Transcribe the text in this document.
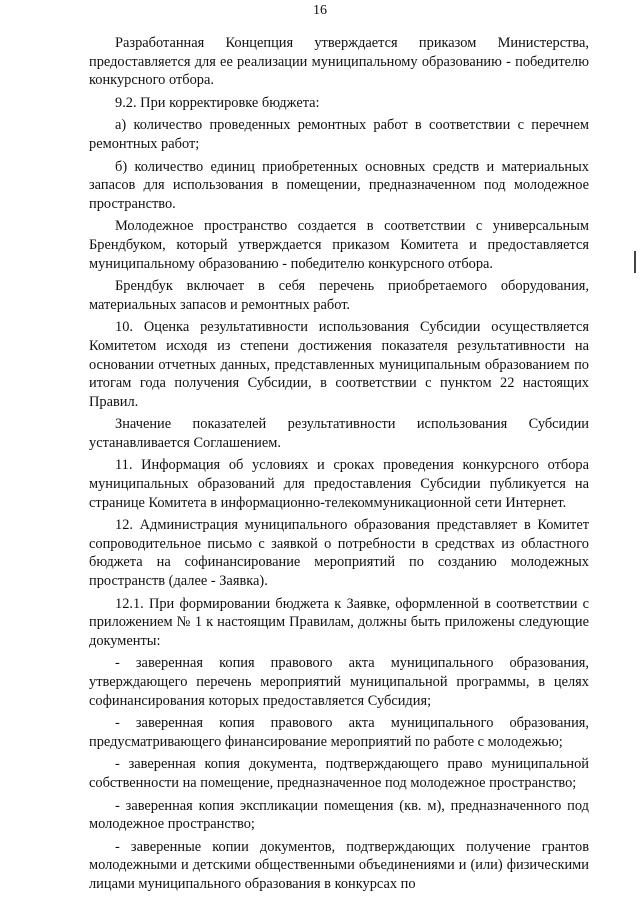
16

Разработанная Концепция утверждается приказом Министерства, предоставляется для ее реализации муниципальному образованию - победителю конкурсного отбора.

9.2. При корректировке бюджета:

а) количество проведенных ремонтных работ в соответствии с перечнем ремонтных работ;

б) количество единиц приобретенных основных средств и материальных запасов для использования в помещении, предназначенном под молодежное пространство.

Молодежное пространство создается в соответствии с универсальным Брендбуком, который утверждается приказом Комитета и предоставляется муниципальному образованию - победителю конкурсного отбора.

Брендбук включает в себя перечень приобретаемого оборудования, материальных запасов и ремонтных работ.

10. Оценка результативности использования Субсидии осуществляется Комитетом исходя из степени достижения показателя результативности на основании отчетных данных, представленных муниципальным образованием по итогам года получения Субсидии, в соответствии с пунктом 22 настоящих Правил.

Значение показателей результативности использования Субсидии устанавливается Соглашением.

11. Информация об условиях и сроках проведения конкурсного отбора муниципальных образований для предоставления Субсидии публикуется на странице Комитета в информационно-телекоммуникационной сети Интернет.

12. Администрация муниципального образования представляет в Комитет сопроводительное письмо с заявкой о потребности в средствах из областного бюджета на софинансирование мероприятий по созданию молодежных пространств (далее - Заявка).

12.1. При формировании бюджета к Заявке, оформленной в соответствии с приложением № 1 к настоящим Правилам, должны быть приложены следующие документы:

- заверенная копия правового акта муниципального образования, утверждающего перечень мероприятий муниципальной программы, в целях софинансирования которых предоставляется Субсидия;

- заверенная копия правового акта муниципального образования, предусматривающего финансирование мероприятий по работе с молодежью;

- заверенная копия документа, подтверждающего право муниципальной собственности на помещение, предназначенное под молодежное пространство;

- заверенная копия экспликации помещения (кв. м), предназначенного под молодежное пространство;

- заверенные копии документов, подтверждающих получение грантов молодежными и детскими общественными объединениями и (или) физическими лицами муниципального образования в конкурсах по
